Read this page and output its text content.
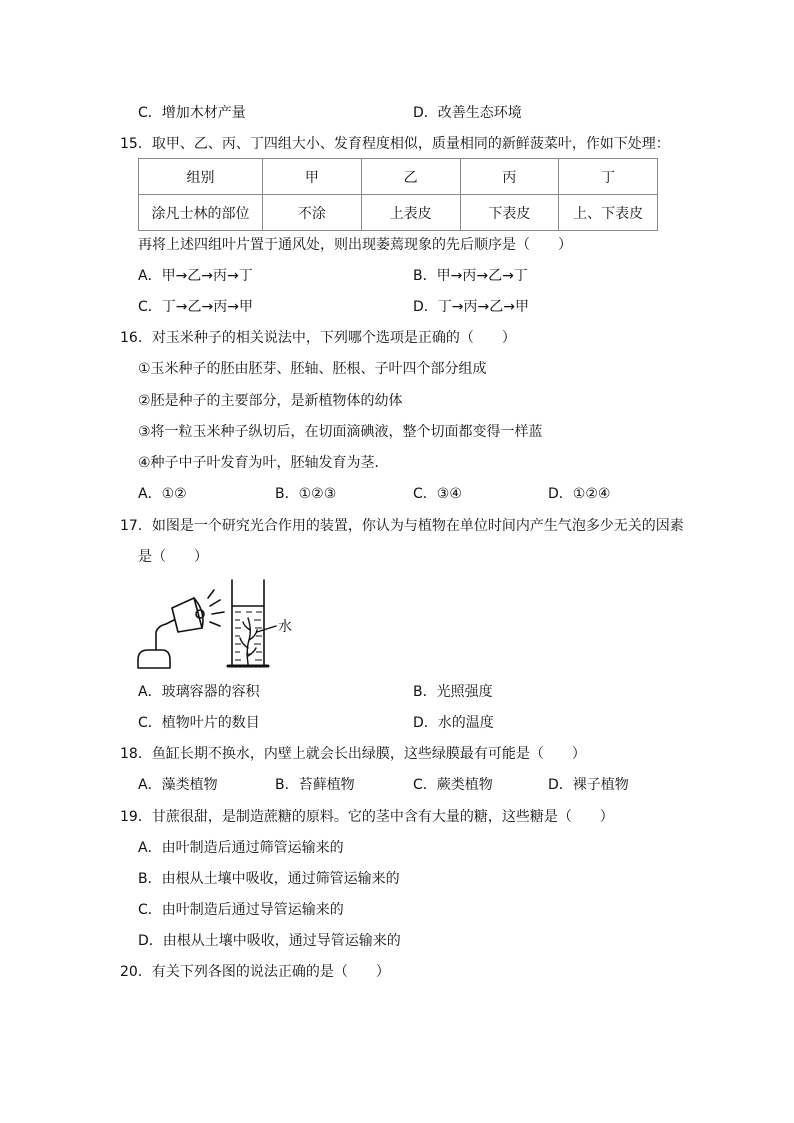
C．增加木材产量	D．改善生态环境
15．取甲、乙、丙、丁四组大小、发育程度相似，质量相同的新鲜菠菜叶，作如下处理：
组别	甲	乙	丙	丁
涂凡士林的部位	不涂	上表皮	下表皮	上、下表皮
再将上述四组叶片置于通风处，则出现萎蔫现象的先后顺序是（　　）
A．甲→乙→丙→丁	B．甲→丙→乙→丁
C．丁→乙→丙→甲	D．丁→丙→乙→甲
16．对玉米种子的相关说法中，下列哪个选项是正确的（　　）
①玉米种子的胚由胚芽、胚轴、胚根、子叶四个部分组成
②胚是种子的主要部分，是新植物体的幼体
③将一粒玉米种子纵切后，在切面滴碘液，整个切面都变得一样蓝
④种子中子叶发育为叶，胚轴发育为茎．
A．①②	B．①②③	C．③④	D．①②④
17．如图是一个研究光合作用的装置，你认为与植物在单位时间内产生气泡多少无关的因素
是（　　）
水
A．玻璃容器的容积	B．光照强度
C．植物叶片的数目	D．水的温度
18．鱼缸长期不换水，内壁上就会长出绿膜，这些绿膜最有可能是（　　）
A．藻类植物	B．苔藓植物	C．蕨类植物	D．裸子植物
19．甘蔗很甜，是制造蔗糖的原料。它的茎中含有大量的糖，这些糖是（　　）
A．由叶制造后通过筛管运输来的
B．由根从土壤中吸收，通过筛管运输来的
C．由叶制造后通过导管运输来的
D．由根从土壤中吸收，通过导管运输来的
20．有关下列各图的说法正确的是（　　）
